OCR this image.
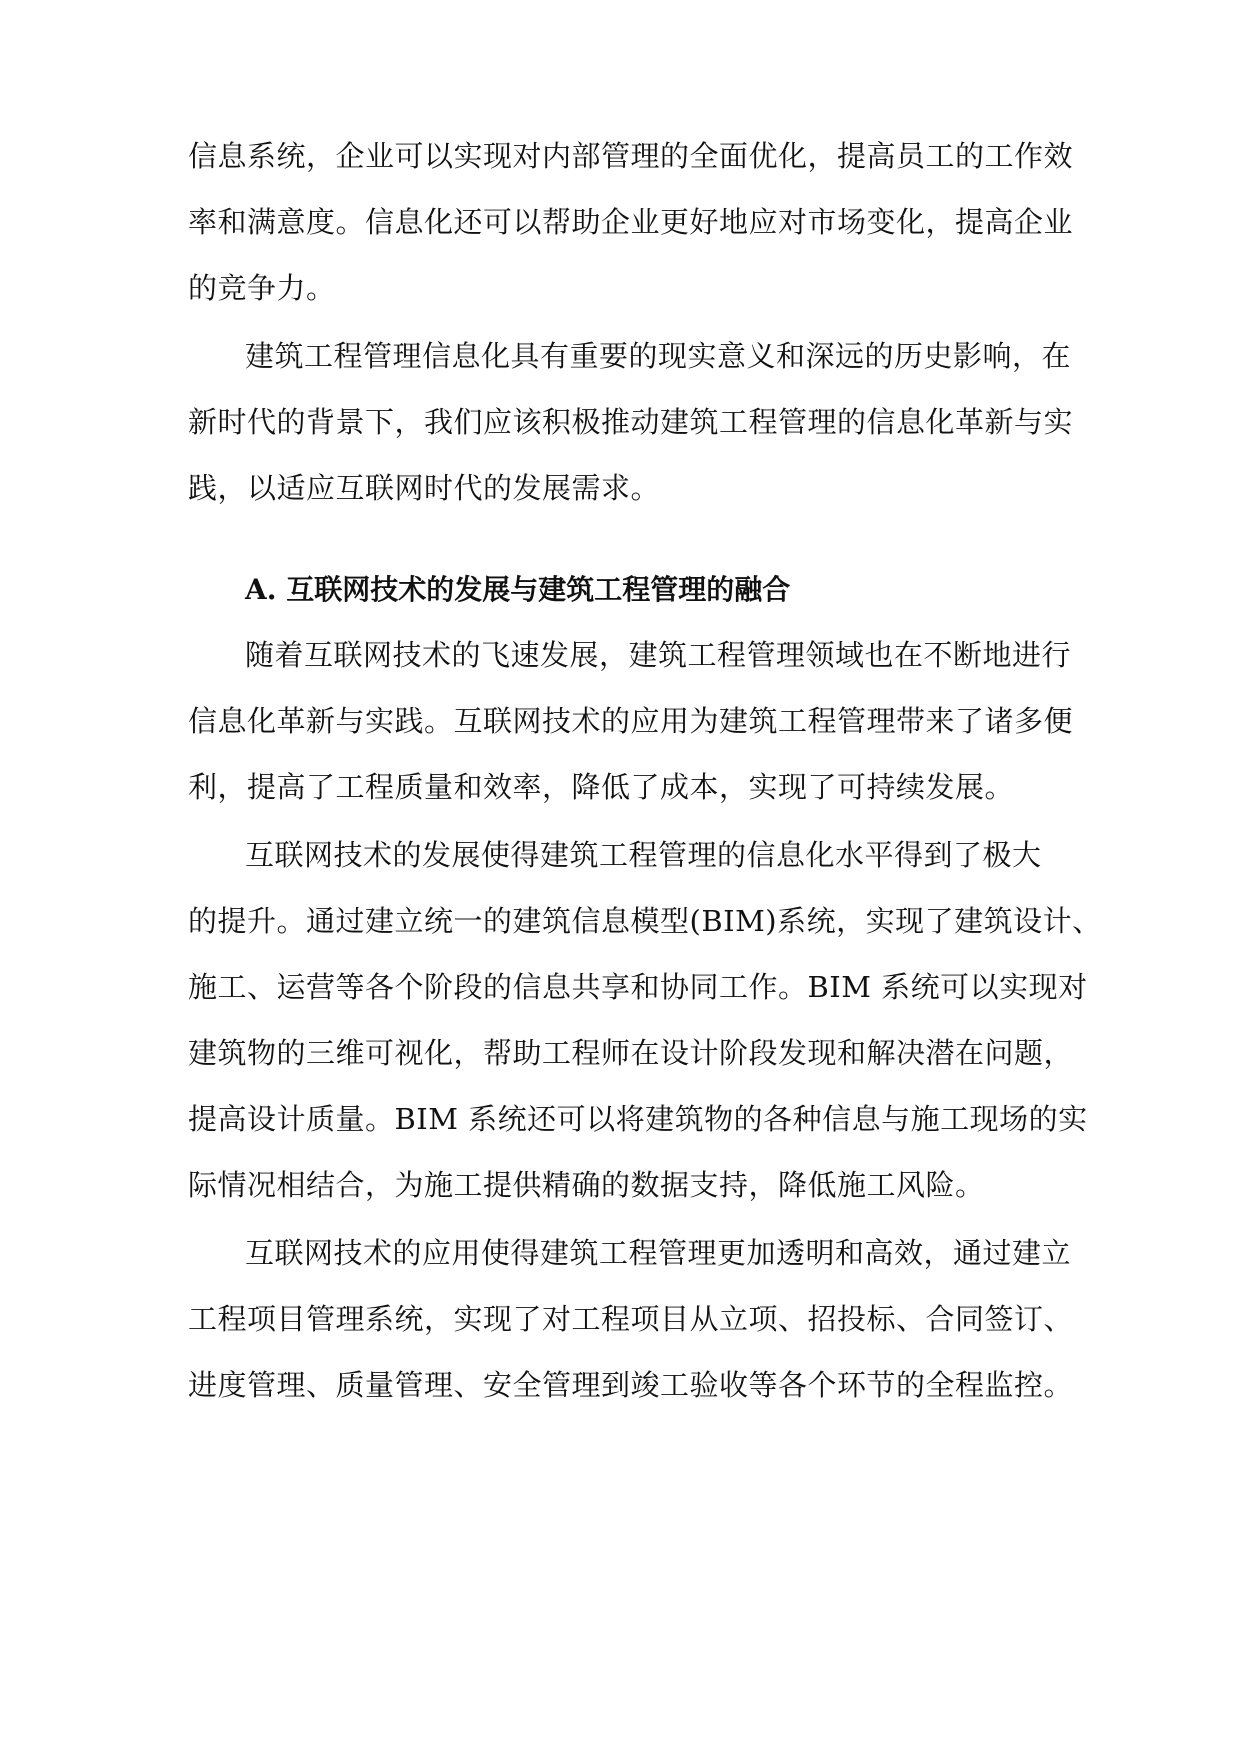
信息系统，企业可以实现对内部管理的全面优化，提高员工的工作效
率和满意度。信息化还可以帮助企业更好地应对市场变化，提高企业
的竞争力。
建筑工程管理信息化具有重要的现实意义和深远的历史影响，在
新时代的背景下，我们应该积极推动建筑工程管理的信息化革新与实
践，以适应互联网时代的发展需求。
A. 互联网技术的发展与建筑工程管理的融合
随着互联网技术的飞速发展，建筑工程管理领域也在不断地进行
信息化革新与实践。互联网技术的应用为建筑工程管理带来了诸多便
利，提高了工程质量和效率，降低了成本，实现了可持续发展。
互联网技术的发展使得建筑工程管理的信息化水平得到了极大
的提升。通过建立统一的建筑信息模型(BIM)系统，实现了建筑设计、
施工、运营等各个阶段的信息共享和协同工作。BIM 系统可以实现对
建筑物的三维可视化，帮助工程师在设计阶段发现和解决潜在问题，
提高设计质量。BIM 系统还可以将建筑物的各种信息与施工现场的实
际情况相结合，为施工提供精确的数据支持，降低施工风险。
互联网技术的应用使得建筑工程管理更加透明和高效，通过建立
工程项目管理系统，实现了对工程项目从立项、招投标、合同签订、
进度管理、质量管理、安全管理到竣工验收等各个环节的全程监控。
